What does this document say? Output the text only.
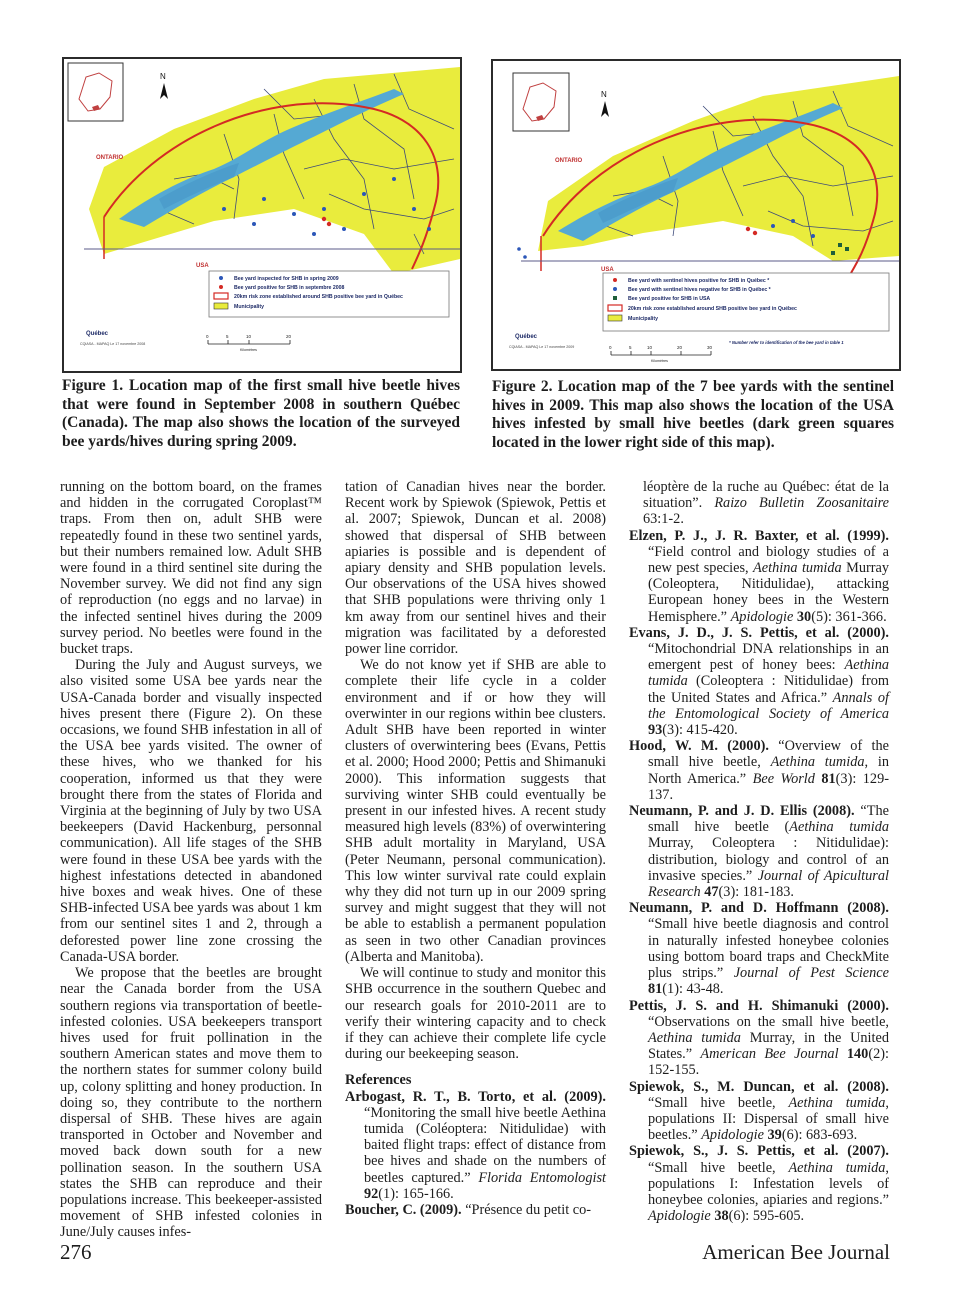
N
ONTARIO
USA
Bee yard inspected for SHB in spring 2009
Bee yard positive for SHB in septembre 2008
20km risk zone established around SHB positive bee yard in Québec
Municipality
Québec
CQIASA - MAPAQ Le 17 novembre 2008
0	5	10	20
Kilomètres
Figure 1. Location map of the first small hive beetle hives that were found in September 2008 in southern Québec (Canada). The map also shows the location of the surveyed bee yards/hives during spring 2009.
N
ONTARIO
USA
Bee yard with sentinel hives positive for SHB in Québec *
Bee yard with sentinel hives negative for SHB in Québec *
Bee yard positive for SHB in USA
20km risk zone established around SHB positive bee yard in Québec
Municipality
Québec
CQIASA - MAPAQ Le 17 novembre 2009
* Number refer to identification of the bee yard in table 1
0	5	10	20	30
Kilomètres
Figure 2. Location map of the 7 bee yards with the sentinel hives in 2009. This map also shows the location of the USA hives infested by small hive beetles (dark green squares located in the lower right side of this map).

running on the bottom board, on the frames and hidden in the corrugated Coroplast™ traps. From then on, adult SHB were repeatedly found in these two sentinel yards, but their numbers remained low. Adult SHB were found in a third sentinel site during the November survey. We did not find any sign of reproduction (no eggs and no larvae) in the infected sentinel hives during the 2009 survey period. No beetles were found in the bucket traps.

During the July and August surveys, we also visited some USA bee yards near the USA-Canada border and visually inspected hives present there (Figure 2). On these occasions, we found SHB infestation in all of the USA bee yards visited. The owner of these hives, who we thanked for his cooperation, informed us that they were brought there from the states of Florida and Virginia at the beginning of July by two USA beekeepers (David Hackenburg, personnal communication). All life stages of the SHB were found in these USA bee yards with the highest infestations detected in abandoned hive boxes and weak hives. One of these SHB-infected USA bee yards was about 1 km from our sentinel sites 1 and 2, through a deforested power line zone crossing the Canada-USA border.

We propose that the beetles are brought near the Canada border from the USA southern regions via transportation of beetle-infested colonies. USA beekeepers transport hives used for fruit pollination in the southern American states and move them to the northern states for summer colony build up, colony splitting and honey production. In doing so, they contribute to the northern dispersal of SHB. These hives are again transported in October and November and moved back down south for a new pollination season. In the southern USA states the SHB can reproduce and their populations increase. This beekeeper-assisted movement of SHB infested colonies in June/July causes infes-

tation of Canadian hives near the border. Recent work by Spiewok (Spiewok, Pettis et al. 2007; Spiewok, Duncan et al. 2008) showed that dispersal of SHB between apiaries is possible and is dependent of apiary density and SHB population levels. Our observations of the USA hives showed that SHB populations were thriving only 1 km away from our sentinel hives and their migration was facilitated by a deforested power line corridor.

We do not know yet if SHB are able to complete their life cycle in a colder environment and if or how they will overwinter in our regions within bee clusters. Adult SHB have been reported in winter clusters of overwintering bees (Evans, Pettis et al. 2000; Hood 2000; Pettis and Shimanuki 2000). This information suggests that surviving winter SHB could eventually be present in our infested hives. A recent study measured high levels (83%) of overwintering SHB adult mortality in Maryland, USA (Peter Neumann, personal communication). This low winter survival rate could explain why they did not turn up in our 2009 spring survey and might suggest that they will not be able to establish a permanent population as seen in two other Canadian provinces (Alberta and Manitoba).

We will continue to study and monitor this SHB occurrence in the southern Quebec and our research goals for 2010-2011 are to verify their wintering capacity and to check if they can achieve their complete life cycle during our beekeeping season.

References
Arbogast, R. T., B. Torto, et al. (2009). “Monitoring the small hive beetle Aethina tumida (Coléoptera: Nitidulidae) with baited flight traps: effect of distance from bee hives and shade on the numbers of beetles captured.” Florida Entomologist 92(1): 165-166.
Boucher, C. (2009). “Présence du petit co-
léoptère de la ruche au Québec: état de la situation”. Raizo Bulletin Zoosanitaire 63:1-2.
Elzen, P. J., J. R. Baxter, et al. (1999). “Field control and biology studies of a new pest species, Aethina tumida Murray (Coleoptera, Nitidulidae), attacking European honey bees in the Western Hemisphere.” Apidologie 30(5): 361-366.
Evans, J. D., J. S. Pettis, et al. (2000). “Mitochondrial DNA relationships in an emergent pest of honey bees: Aethina tumida (Coleoptera : Nitidulidae) from the United States and Africa.” Annals of the Entomological Society of America 93(3): 415-420.
Hood, W. M. (2000). “Overview of the small hive beetle, Aethina tumida, in North America.” Bee World 81(3): 129-137.
Neumann, P. and J. D. Ellis (2008). “The small hive beetle (Aethina tumida Murray, Coleoptera : Nitidulidae): distribution, biology and control of an invasive species.” Journal of Apicultural Research 47(3): 181-183.
Neumann, P. and D. Hoffmann (2008). “Small hive beetle diagnosis and control in naturally infested honeybee colonies using bottom board traps and CheckMite plus strips.” Journal of Pest Science 81(1): 43-48.
Pettis, J. S. and H. Shimanuki (2000). “Observations on the small hive beetle, Aethina tumida Murray, in the United States.” American Bee Journal 140(2): 152-155.
Spiewok, S., M. Duncan, et al. (2008). “Small hive beetle, Aethina tumida, populations II: Dispersal of small hive beetles.” Apidologie 39(6): 683-693.
Spiewok, S., J. S. Pettis, et al. (2007). “Small hive beetle, Aethina tumida, populations I: Infestation levels of honeybee colonies, apiaries and regions.” Apidologie 38(6): 595-605.
276	American Bee Journal
